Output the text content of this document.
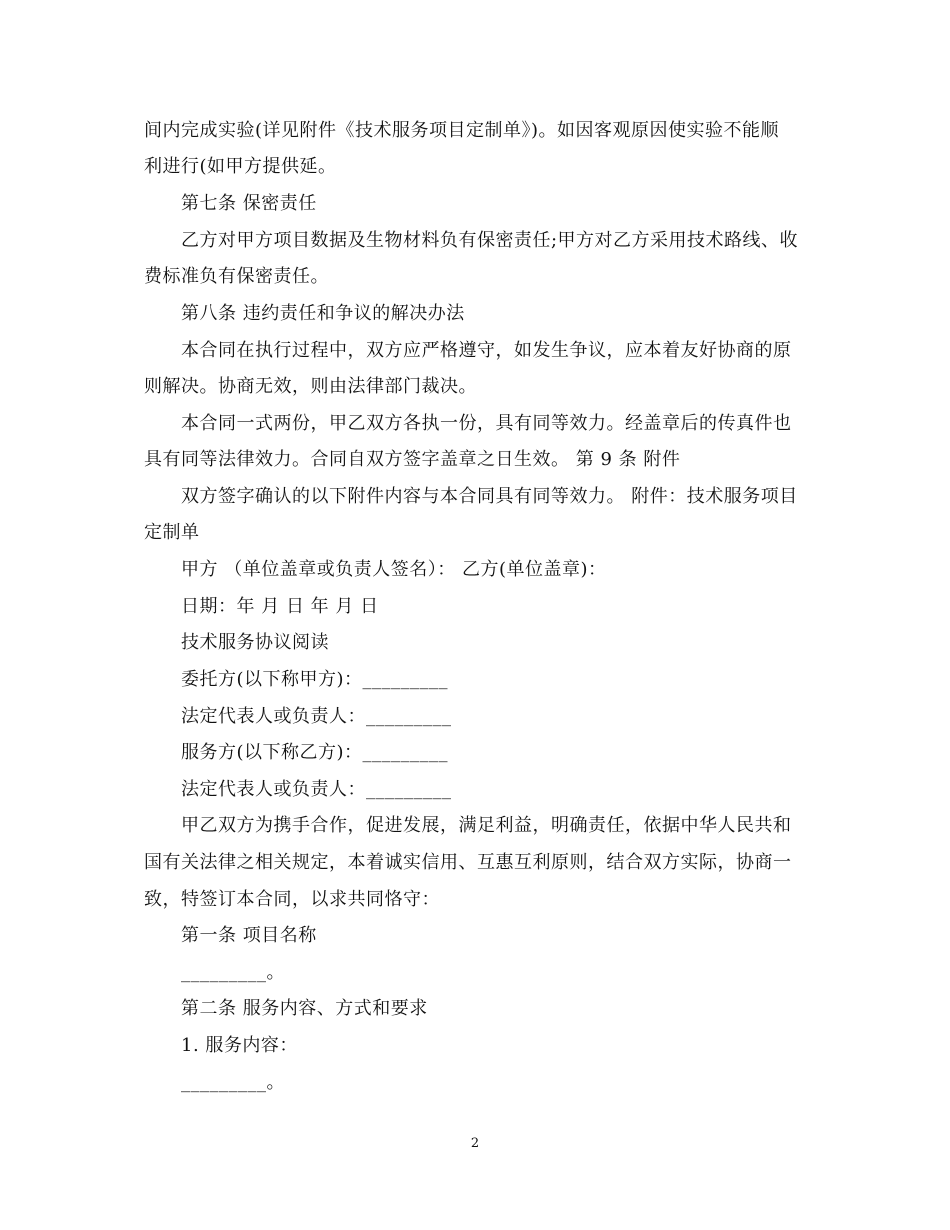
间内完成实验(详见附件《技术服务项目定制单》)。如因客观原因使实验不能顺
利进行(如甲方提供延。
第七条 保密责任
乙方对甲方项目数据及生物材料负有保密责任;甲方对乙方采用技术路线、收
费标准负有保密责任。
第八条 违约责任和争议的解决办法
本合同在执行过程中，双方应严格遵守，如发生争议，应本着友好协商的原
则解决。协商无效，则由法律部门裁决。
本合同一式两份，甲乙双方各执一份，具有同等效力。经盖章后的传真件也
具有同等法律效力。合同自双方签字盖章之日生效。 第 9 条 附件
双方签字确认的以下附件内容与本合同具有同等效力。 附件：技术服务项目
定制单
甲方 （单位盖章或负责人签名）： 乙方(单位盖章)：
日期：年 月 日 年 月 日
技术服务协议阅读
委托方(以下称甲方)：_________
法定代表人或负责人：_________
服务方(以下称乙方)：_________
法定代表人或负责人：_________
甲乙双方为携手合作，促进发展，满足利益，明确责任，依据中华人民共和
国有关法律之相关规定，本着诚实信用、互惠互利原则，结合双方实际，协商一
致，特签订本合同，以求共同恪守：
第一条 项目名称
_________。
第二条 服务内容、方式和要求
1. 服务内容：
_________。
2
